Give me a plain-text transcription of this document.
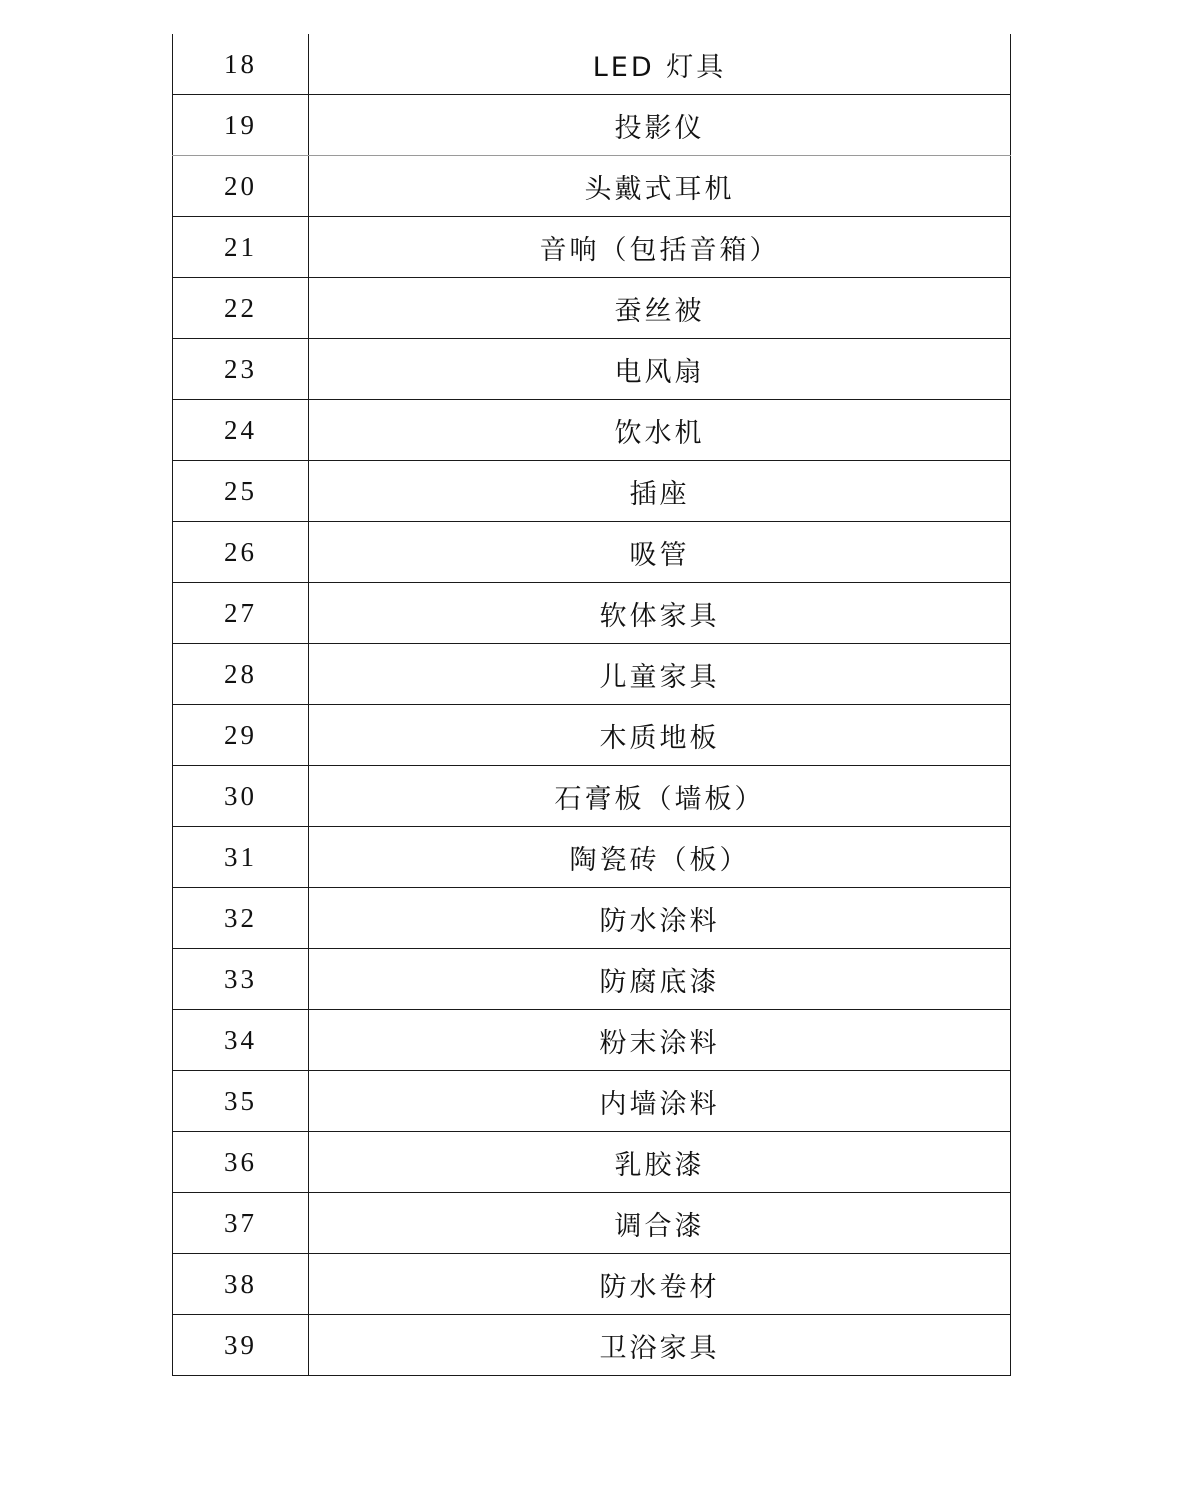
18	LED 灯具
19	投影仪
20	头戴式耳机
21	音响（包括音箱）
22	蚕丝被
23	电风扇
24	饮水机
25	插座
26	吸管
27	软体家具
28	儿童家具
29	木质地板
30	石膏板（墙板）
31	陶瓷砖（板）
32	防水涂料
33	防腐底漆
34	粉末涂料
35	内墙涂料
36	乳胶漆
37	调合漆
38	防水卷材
39	卫浴家具
